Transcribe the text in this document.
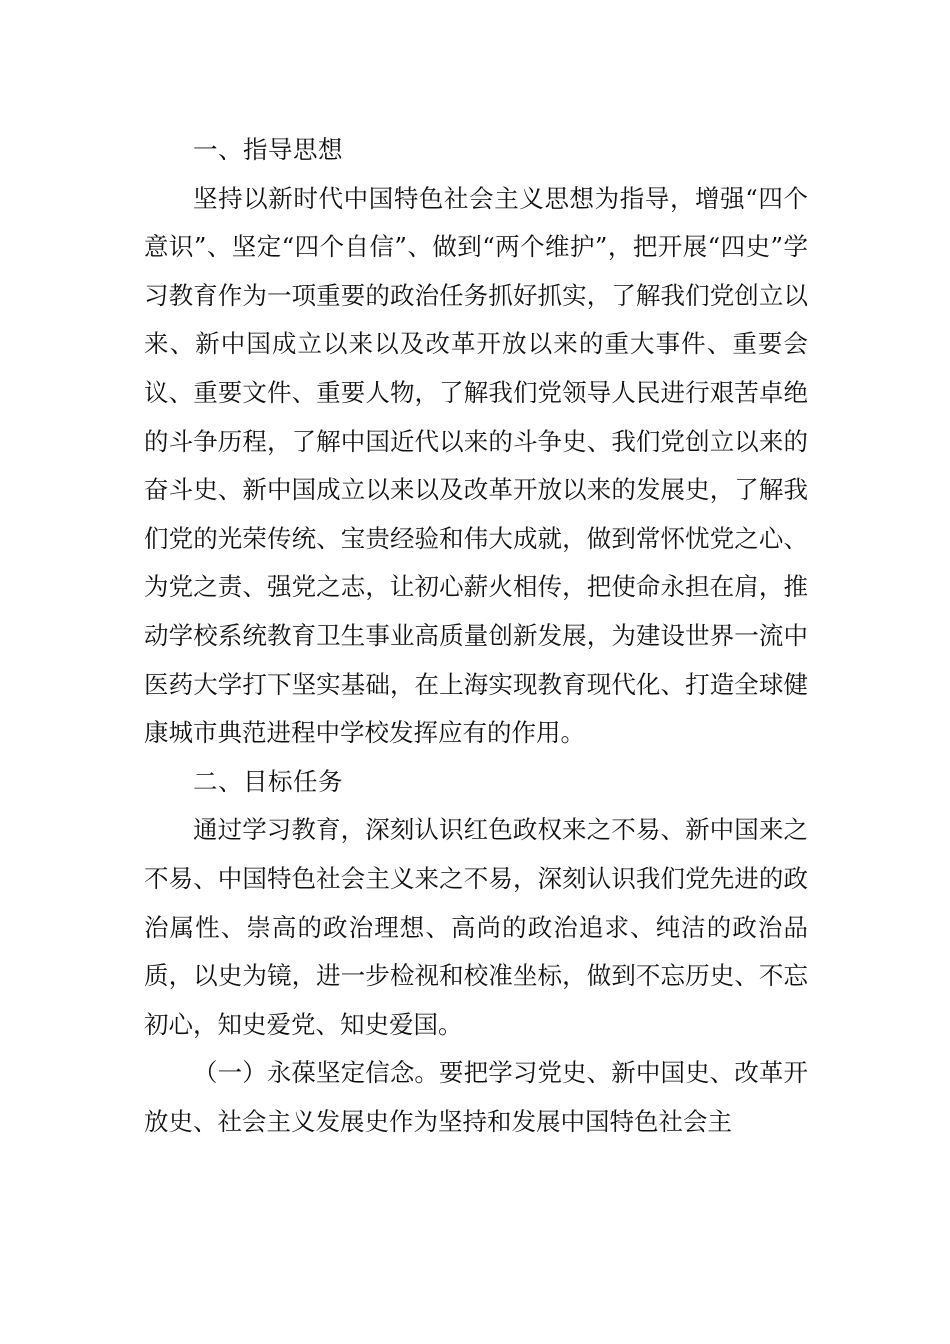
一、指导思想

坚持以新时代中国特色社会主义思想为指导，增强“四个意识”、坚定“四个自信”、做到“两个维护”，把开展“四史”学习教育作为一项重要的政治任务抓好抓实，了解我们党创立以来、新中国成立以来以及改革开放以来的重大事件、重要会议、重要文件、重要人物，了解我们党领导人民进行艰苦卓绝的斗争历程，了解中国近代以来的斗争史、我们党创立以来的奋斗史、新中国成立以来以及改革开放以来的发展史，了解我们党的光荣传统、宝贵经验和伟大成就，做到常怀忧党之心、为党之责、强党之志，让初心薪火相传，把使命永担在肩，推动学校系统教育卫生事业高质量创新发展，为建设世界一流中医药大学打下坚实基础，在上海实现教育现代化、打造全球健康城市典范进程中学校发挥应有的作用。

二、目标任务

通过学习教育，深刻认识红色政权来之不易、新中国来之不易、中国特色社会主义来之不易，深刻认识我们党先进的政治属性、崇高的政治理想、高尚的政治追求、纯洁的政治品质，以史为镜，进一步检视和校准坐标，做到不忘历史、不忘初心，知史爱党、知史爱国。

（一）永葆坚定信念。要把学习党史、新中国史、改革开放史、社会主义发展史作为坚持和发展中国特色社会主
